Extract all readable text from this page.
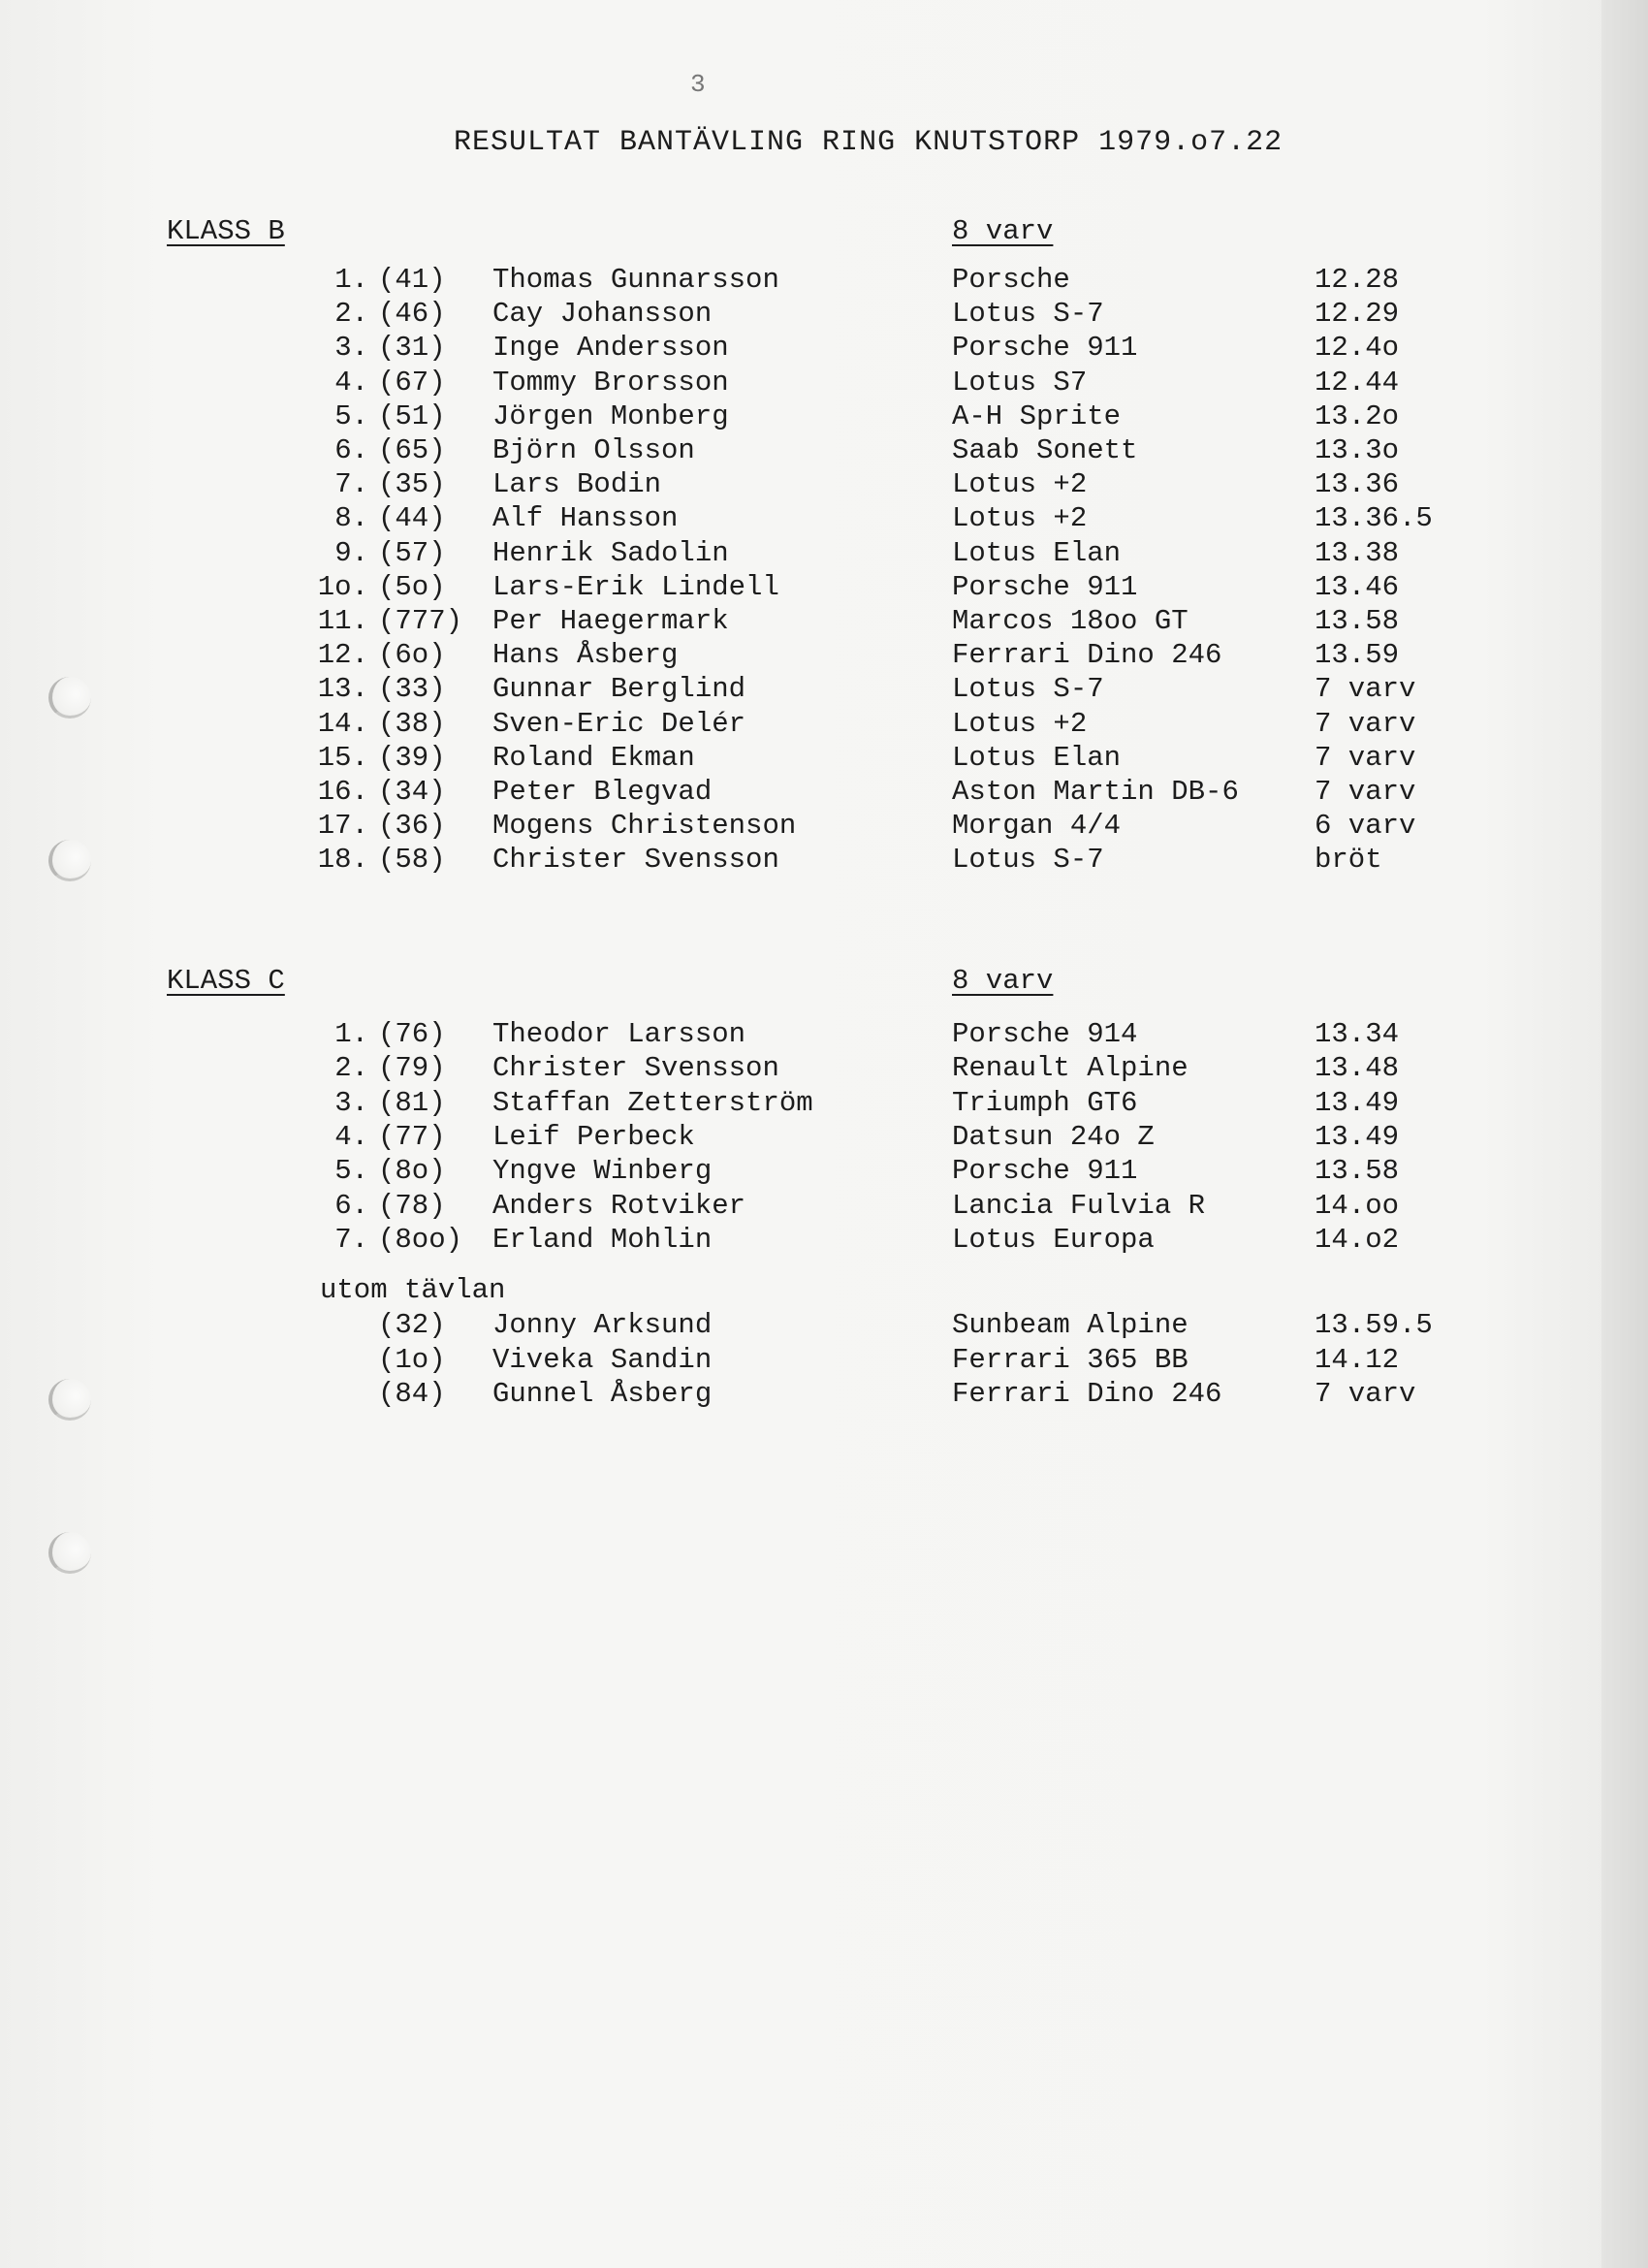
3
RESULTAT BANTÄVLING RING KNUTSTORP 1979.o7.22
KLASS B	8 varv
1. (41) Thomas Gunnarsson	Porsche	12.28
2. (46) Cay Johansson	Lotus S-7	12.29
3. (31) Inge Andersson	Porsche 911	12.4o
4. (67) Tommy Brorsson	Lotus S7	12.44
5. (51) Jörgen Monberg	A-H Sprite	13.2o
6. (65) Björn Olsson	Saab Sonett	13.3o
7. (35) Lars Bodin	Lotus +2	13.36
8. (44) Alf Hansson	Lotus +2	13.36.5
9. (57) Henrik Sadolin	Lotus Elan	13.38
1o. (5o) Lars-Erik Lindell	Porsche 911	13.46
11. (777) Per Haegermark	Marcos 18oo GT	13.58
12. (6o) Hans Åsberg	Ferrari Dino 246	13.59
13. (33) Gunnar Berglind	Lotus S-7	7 varv
14. (38) Sven-Eric Delér	Lotus +2	7 varv
15. (39) Roland Ekman	Lotus Elan	7 varv
16. (34) Peter Blegvad	Aston Martin DB-6	7 varv
17. (36) Mogens Christenson	Morgan 4/4	6 varv
18. (58) Christer Svensson	Lotus S-7	bröt
KLASS C	8 varv
1. (76) Theodor Larsson	Porsche 914	13.34
2. (79) Christer Svensson	Renault Alpine	13.48
3. (81) Staffan Zetterström	Triumph GT6	13.49
4. (77) Leif Perbeck	Datsun 24o Z	13.49
5. (8o) Yngve Winberg	Porsche 911	13.58
6. (78) Anders Rotviker	Lancia Fulvia R	14.oo
7. (8oo) Erland Mohlin	Lotus Europa	14.o2
utom tävlan
(32) Jonny Arksund	Sunbeam Alpine	13.59.5
(1o) Viveka Sandin	Ferrari 365 BB	14.12
(84) Gunnel Åsberg	Ferrari Dino 246	7 varv
